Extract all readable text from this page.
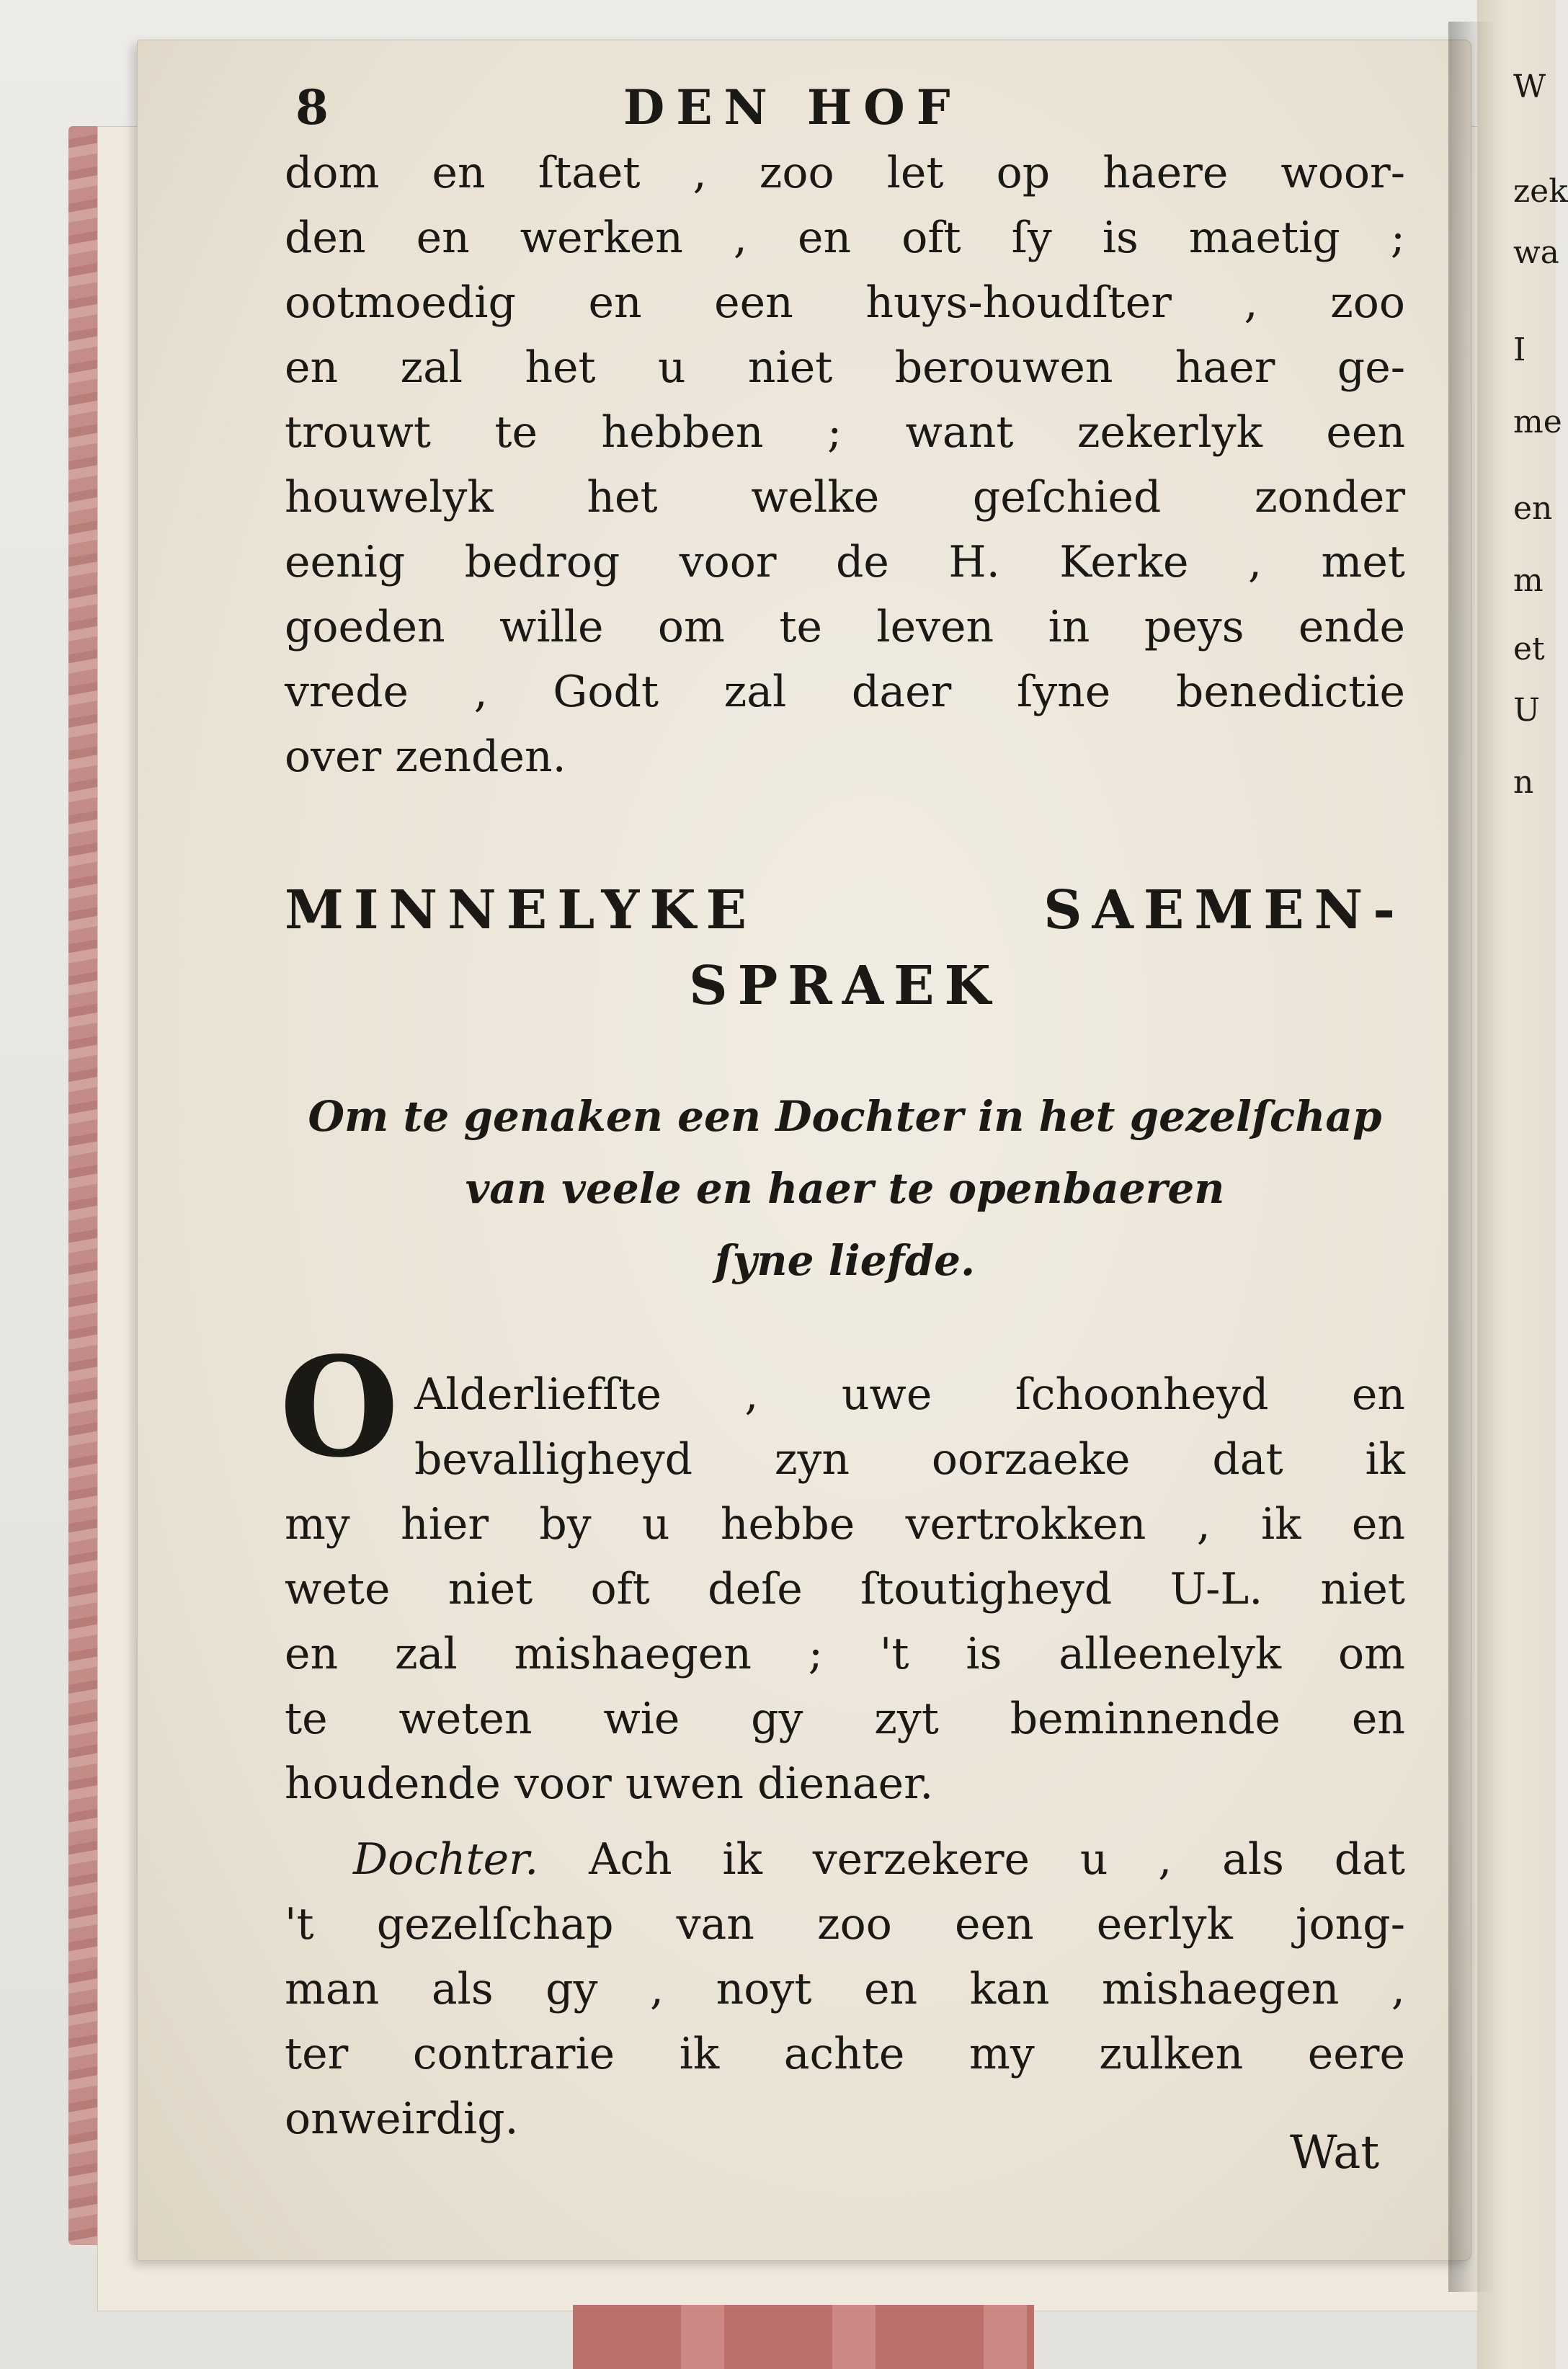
W
zek
wa
I
me
en
m
et
U
n
8	DEN HOF
dom en ſtaet , zoo let op haere woor-
den en werken , en oft ſy is maetig ;
ootmoedig en een huys-houdſter , zoo
en zal het u niet berouwen haer ge-
trouwt te hebben ; want zekerlyk een
houwelyk het welke geſchied zonder
eenig bedrog voor de H. Kerke , met
goeden wille om te leven in peys ende
vrede , Godt zal daer ſyne benedictie
over zenden.
MINNELYKE SAEMEN-
SPRAEK
Om te genaken een Dochter in het gezelſchap
van veele en haer te openbaeren
ſyne liefde.
O Alderliefſte , uwe ſchoonheyd en
bevalligheyd zyn oorzaeke dat ik
my hier by u hebbe vertrokken , ik en
wete niet oft deſe ſtoutigheyd U-L. niet
en zal mishaegen ; 't is alleenelyk om
te weten wie gy zyt beminnende en
houdende voor uwen dienaer.
Dochter. Ach ik verzekere u , als dat
't gezelſchap van zoo een eerlyk jong-
man als gy , noyt en kan mishaegen ,
ter contrarie ik achte my zulken eere
onweirdig.
Wat
